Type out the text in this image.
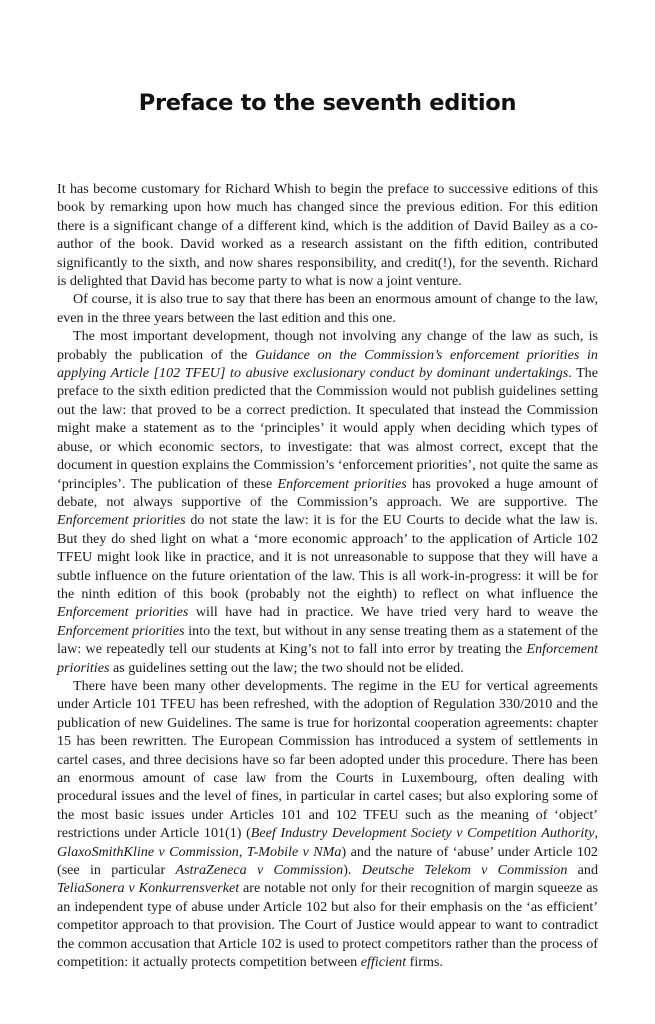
Preface to the seventh edition

It has become customary for Richard Whish to begin the preface to successive editions of this book by remarking upon how much has changed since the previous edition. For this edition there is a significant change of a different kind, which is the addition of David Bailey as a co-author of the book. David worked as a research assistant on the fifth edition, contributed significantly to the sixth, and now shares responsibility, and credit(!), for the seventh. Richard is delighted that David has become party to what is now a joint venture.

Of course, it is also true to say that there has been an enormous amount of change to the law, even in the three years between the last edition and this one.

The most important development, though not involving any change of the law as such, is probably the publication of the Guidance on the Commission’s enforcement priorities in applying Article [102 TFEU] to abusive exclusionary conduct by dominant undertakings. The preface to the sixth edition predicted that the Commission would not publish guidelines setting out the law: that proved to be a correct prediction. It speculated that instead the Commission might make a statement as to the ‘principles’ it would apply when deciding which types of abuse, or which economic sectors, to investigate: that was almost correct, except that the document in question explains the Commission’s ‘enforcement priorities’, not quite the same as ‘principles’. The publication of these Enforcement priorities has provoked a huge amount of debate, not always supportive of the Commission’s approach. We are supportive. The Enforcement priorities do not state the law: it is for the EU Courts to decide what the law is. But they do shed light on what a ‘more economic approach’ to the application of Article 102 TFEU might look like in practice, and it is not unreasonable to suppose that they will have a subtle influence on the future orientation of the law. This is all work-in-progress: it will be for the ninth edition of this book (probably not the eighth) to reflect on what influence the Enforcement priorities will have had in practice. We have tried very hard to weave the Enforcement priorities into the text, but without in any sense treating them as a statement of the law: we repeatedly tell our students at King’s not to fall into error by treating the Enforcement priorities as guidelines setting out the law; the two should not be elided.

There have been many other developments. The regime in the EU for vertical agreements under Article 101 TFEU has been refreshed, with the adoption of Regulation 330/2010 and the publication of new Guidelines. The same is true for horizontal cooperation agreements: chapter 15 has been rewritten. The European Commission has introduced a system of settlements in cartel cases, and three decisions have so far been adopted under this procedure. There has been an enormous amount of case law from the Courts in Luxembourg, often dealing with procedural issues and the level of fines, in particular in cartel cases; but also exploring some of the most basic issues under Articles 101 and 102 TFEU such as the meaning of ‘object’ restrictions under Article 101(1) (Beef Industry Development Society v Competition Authority, GlaxoSmithKline v Commission, T-Mobile v NMa) and the nature of ‘abuse’ under Article 102 (see in particular AstraZeneca v Commission). Deutsche Telekom v Commission and TeliaSonera v Konkurrensverket are notable not only for their recognition of margin squeeze as an independent type of abuse under Article 102 but also for their emphasis on the ‘as efficient’ competitor approach to that provision. The Court of Justice would appear to want to contradict the common accusation that Article 102 is used to protect competitors rather than the process of competition: it actually protects competition between efficient firms.
